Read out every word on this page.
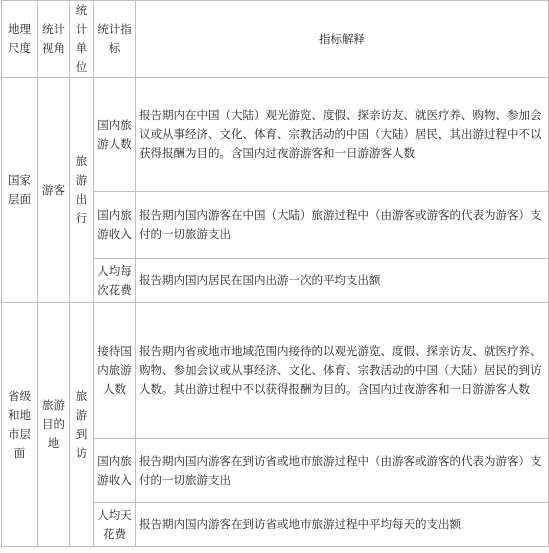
地理尺度	统计视角	统计单位	统计指标	指标解释
国家层面	游客	旅游出行	国内旅游人数	报告期内在中国（大陆）观光游览、度假、探亲访友、就医疗养、购物、参加会议或从事经济、文化、体育、宗教活动的中国（大陆）居民，其出游过程中不以获得报酬为目的。含国内过夜游游客和一日游游客人数
			国内旅游收入	报告期内国内游客在中国（大陆）旅游过程中（由游客或游客的代表为游客）支付的一切旅游支出
			人均每次花费	报告期内国内居民在国内出游一次的平均支出额
省级和地市层面	旅游目的地	旅游到访	接待国内旅游人数	报告期内省或地市地域范围内接待的以观光游览、度假、探亲访友、就医疗养、购物、参加会议或从事经济、文化、体育、宗教活动的中国（大陆）居民的到访人数。其出游过程中不以获得报酬为目的。含国内过夜游客和一日游游客人数
			国内旅游收入	报告期内国内游客在到访省或地市旅游过程中（由游客或游客的代表为游客）支付的一切旅游支出
			人均天花费	报告期内国内游客在到访省或地市旅游过程中平均每天的支出额
